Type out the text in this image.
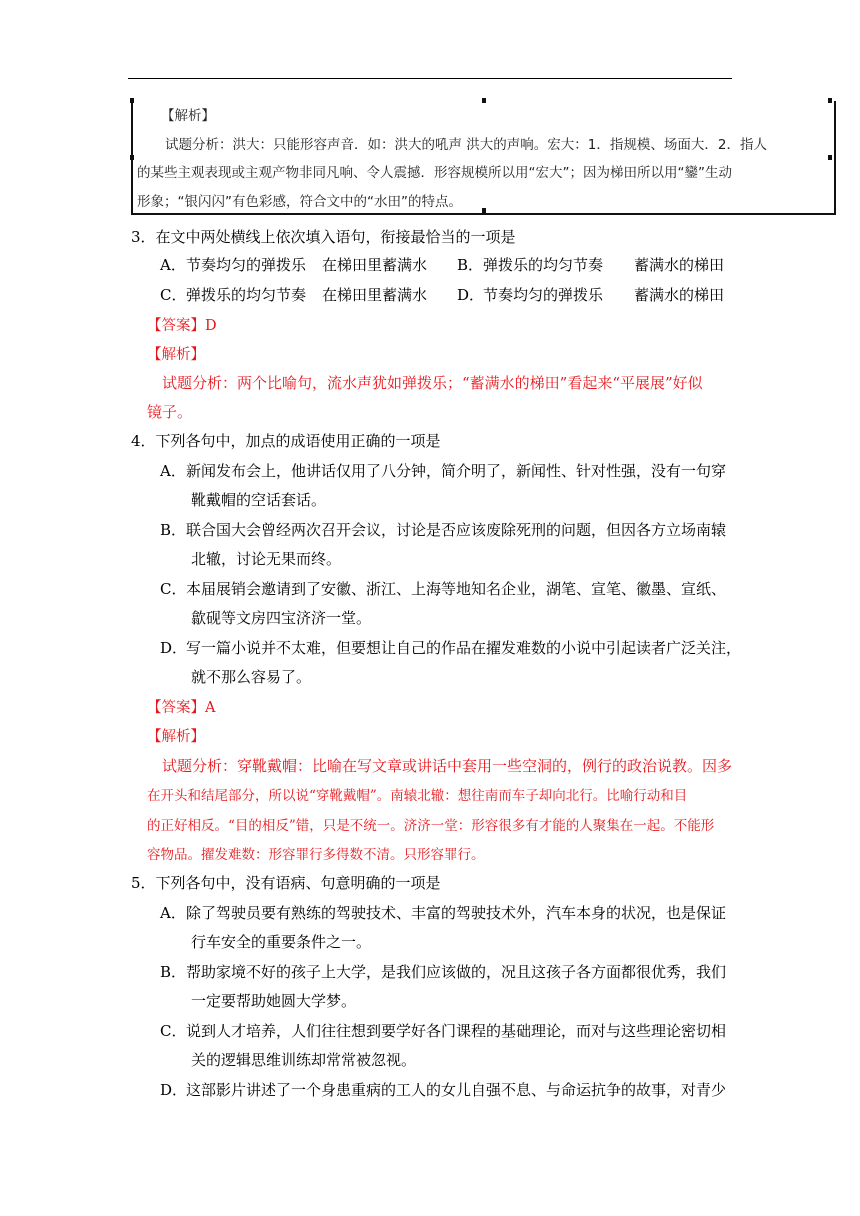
【解析】
试题分析：洪大：只能形容声音．如：洪大的吼声 洪大的声响。宏大：1．指规模、场面大．2．指人
的某些主观表现或主观产物非同凡响、令人震撼．形容规模所以用“宏大”；因为梯田所以用“鑾”生动
形象；“银闪闪”有色彩感，符合文中的“水田”的特点。
3．在文中两处横线上依次填入语句，衔接最恰当的一项是
A． 节奏均匀的弹拨乐 在梯田里蓄满水 B． 弹拨乐的均匀节奏 蓄满水的梯田
C． 弹拨乐的均匀节奏 在梯田里蓄满水 D．
节奏均匀的弹拨乐 蓄满水的梯田
【答案】D
【解析】
试题分析：两个比喻句，流水声犹如弹拨乐；“蓄满水的梯田”看起来“平展展”好似
镜子。
4．下列各句中，加点的成语使用正确的一项是
A． 新闻发布会上，他讲话仅用了八分钟，简介明了，新闻性、针对性强，没有一句穿
靴戴帽的空话套话。
B． 联合国大会曾经两次召开会议，讨论是否应该废除死刑的问题，但因各方立场南辕
北辙，讨论无果而终。
C． 本届展销会邀请到了安徽、浙江、上海等地知名企业，湖笔、宣笔、徽墨、宣纸、
歙砚等文房四宝济济一堂。
D．
写一篇小说并不太难，但要想让自己的作品在擢发难数的小说中引起读者广泛关注，
就不那么容易了。
【答案】A
【解析】
试题分析：穿靴戴帽：比喻在写文章或讲话中套用一些空洞的，例行的政治说教。因多
在开头和结尾部分，所以说“穿靴戴帽”。南辕北辙：想往南而车子却向北行。比喻行动和目
的正好相反。“目的相反”错，只是不统一。济济一堂：形容很多有才能的人聚集在一起。不能形
容物品。擢发难数：形容罪行多得数不清。只形容罪行。
5．下列各句中，没有语病、句意明确的一项是
A． 除了驾驶员要有熟练的驾驶技术、丰富的驾驶技术外，汽车本身的状况，也是保证
行车安全的重要条件之一。
B． 帮助家境不好的孩子上大学，是我们应该做的，况且这孩子各方面都很优秀，我们
一定要帮助她圆大学梦。
C． 说到人才培养，人们往往想到要学好各门课程的基础理论，而对与这些理论密切相
关的逻辑思维训练却常常被忽视。
D．
这部影片讲述了一个身患重病的工人的女儿自强不息、与命运抗争的故事，对青少
